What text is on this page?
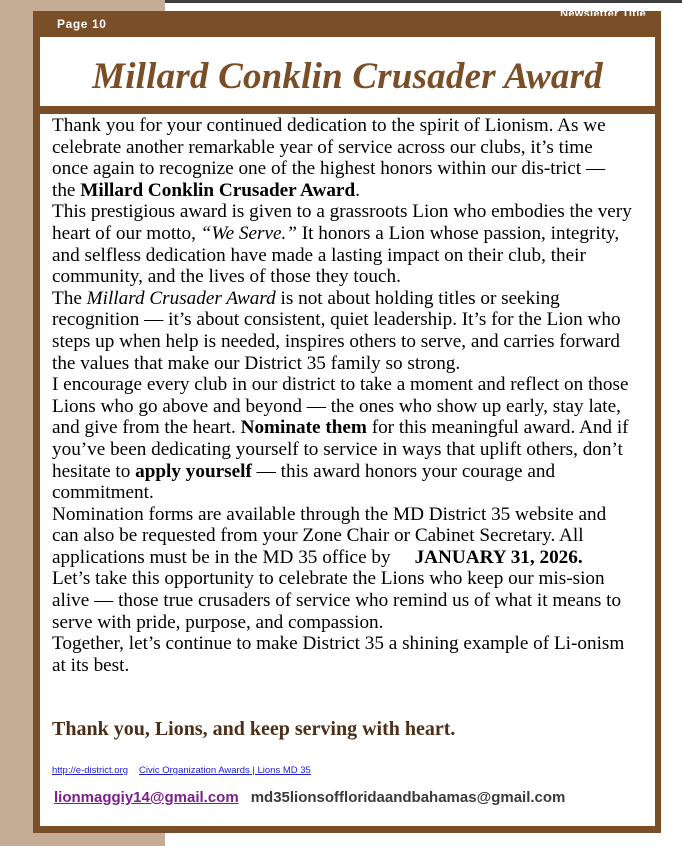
Newsletter Title
Page 10
Millard Conklin Crusader Award

Thank you for your continued dedication to the spirit of Lionism. As we celebrate another remarkable year of service across our clubs, it’s time once again to recognize one of the highest honors within our dis-trict — the Millard Conklin Crusader Award.

This prestigious award is given to a grassroots Lion who embodies the very heart of our motto, “We Serve.” It honors a Lion whose passion, integrity, and selfless dedication have made a lasting impact on their club, their community, and the lives of those they touch.

The Millard Crusader Award is not about holding titles or seeking recognition — it’s about consistent, quiet leadership. It’s for the Lion who steps up when help is needed, inspires others to serve, and carries forward the values that make our District 35 family so strong.

I encourage every club in our district to take a moment and reflect on those Lions who go above and beyond — the ones who show up early, stay late, and give from the heart. Nominate them for this meaningful award. And if you’ve been dedicating yourself to service in ways that uplift others, don’t hesitate to apply yourself — this award honors your courage and commitment.

Nomination forms are available through the MD District 35 website and can also be requested from your Zone Chair or Cabinet Secretary. All applications must be in the MD 35 office by JANUARY 31, 2026.

Let’s take this opportunity to celebrate the Lions who keep our mis-sion alive — those true crusaders of service who remind us of what it means to serve with pride, purpose, and compassion.

Together, let’s continue to make District 35 a shining example of Li-onism at its best.

Thank you, Lions, and keep serving with heart.
http://e-district.org Civic Organization Awards | Lions MD 35
lionmaggiy14@gmail.com md35lionsoffloridaandbahamas@gmail.com
